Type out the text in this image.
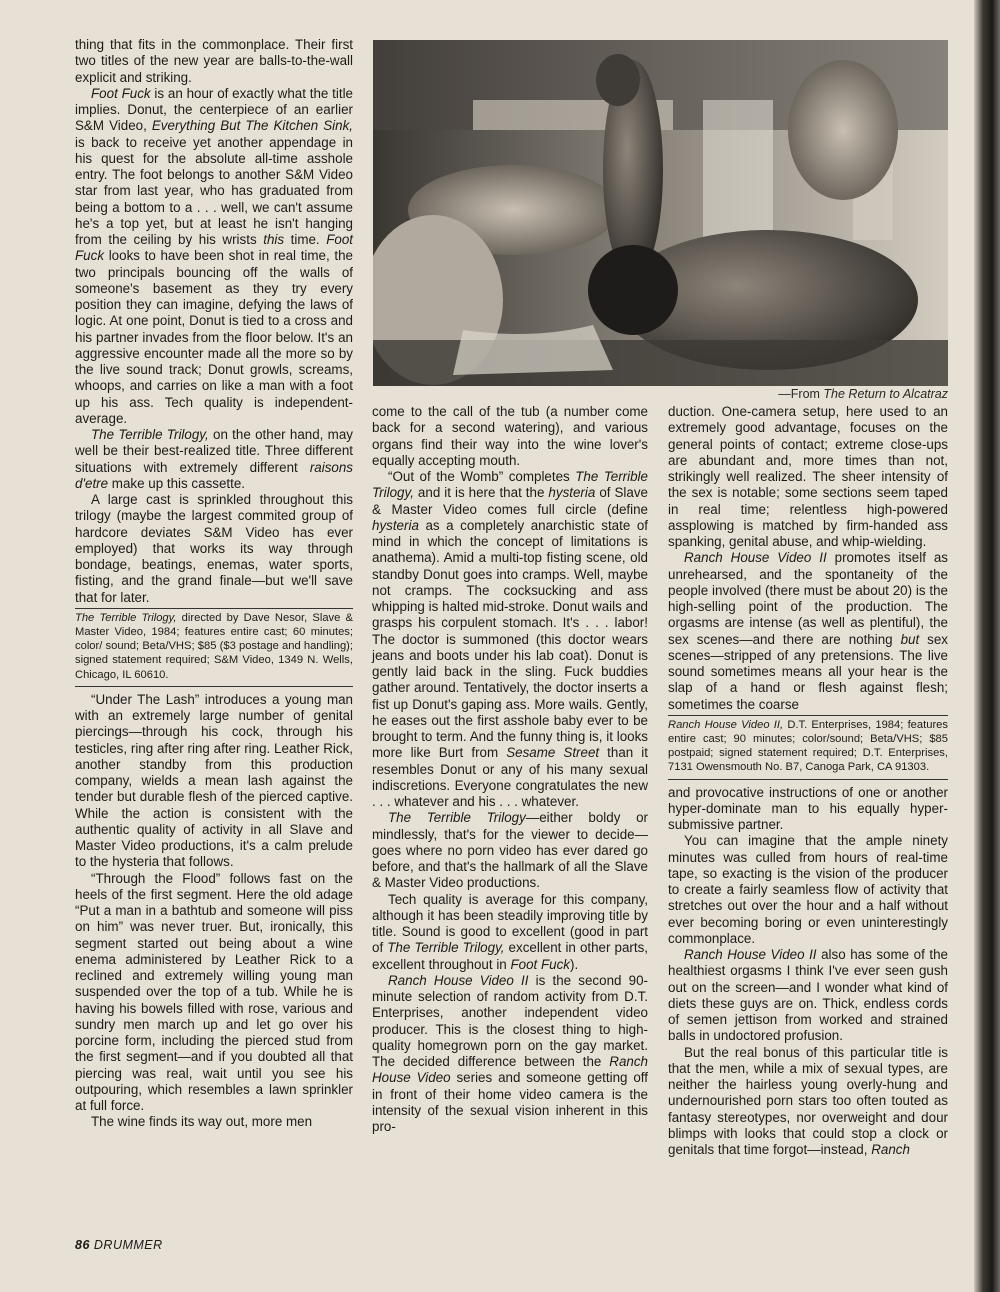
—From The Return to Alcatraz

thing that fits in the commonplace. Their first two titles of the new year are balls-to-the-wall explicit and striking.

Foot Fuck is an hour of exactly what the title implies. Donut, the centerpiece of an earlier S&M Video, Everything But The Kitchen Sink, is back to receive yet another appendage in his quest for the absolute all-time asshole entry. The foot belongs to another S&M Video star from last year, who has graduated from being a bottom to a . . . well, we can't assume he's a top yet, but at least he isn't hanging from the ceiling by his wrists this time. Foot Fuck looks to have been shot in real time, the two principals bouncing off the walls of someone's basement as they try every position they can imagine, defying the laws of logic. At one point, Donut is tied to a cross and his partner invades from the floor below. It's an aggressive encounter made all the more so by the live sound track; Donut growls, screams, whoops, and carries on like a man with a foot up his ass. Tech quality is independent-average.

The Terrible Trilogy, on the other hand, may well be their best-realized title. Three different situations with extremely different raisons d'etre make up this cassette.

A large cast is sprinkled throughout this trilogy (maybe the largest commited group of hardcore deviates S&M Video has ever employed) that works its way through bondage, beatings, enemas, water sports, fisting, and the grand finale—but we'll save that for later.

The Terrible Trilogy, directed by Dave Nesor, Slave & Master Video, 1984; features entire cast; 60 minutes; color/ sound; Beta/VHS; $85 ($3 postage and handling); signed statement required; S&M Video, 1349 N. Wells, Chicago, IL 60610.

“Under The Lash” introduces a young man with an extremely large number of genital piercings—through his cock, through his testicles, ring after ring after ring. Leather Rick, another standby from this production company, wields a mean lash against the tender but durable flesh of the pierced captive. While the action is consistent with the authentic quality of activity in all Slave and Master Video productions, it's a calm prelude to the hysteria that follows.

“Through the Flood” follows fast on the heels of the first segment. Here the old adage “Put a man in a bathtub and someone will piss on him” was never truer. But, ironically, this segment started out being about a wine enema administered by Leather Rick to a reclined and extremely willing young man suspended over the top of a tub. While he is having his bowels filled with rose, various and sundry men march up and let go over his porcine form, including the pierced stud from the first segment—and if you doubted all that piercing was real, wait until you see his outpouring, which resembles a lawn sprinkler at full force.

The wine finds its way out, more men

come to the call of the tub (a number come back for a second watering), and various organs find their way into the wine lover's equally accepting mouth.

“Out of the Womb” completes The Terrible Trilogy, and it is here that the hysteria of Slave & Master Video comes full circle (define hysteria as a completely anarchistic state of mind in which the concept of limitations is anathema). Amid a multi-top fisting scene, old standby Donut goes into cramps. Well, maybe not cramps. The cocksucking and ass whipping is halted mid-stroke. Donut wails and grasps his corpulent stomach. It's . . . labor! The doctor is summoned (this doctor wears jeans and boots under his lab coat). Donut is gently laid back in the sling. Fuck buddies gather around. Tentatively, the doctor inserts a fist up Donut's gaping ass. More wails. Gently, he eases out the first asshole baby ever to be brought to term. And the funny thing is, it looks more like Burt from Sesame Street than it resembles Donut or any of his many sexual indiscretions. Everyone congratulates the new . . . whatever and his . . . whatever.

The Terrible Trilogy—either boldy or mindlessly, that's for the viewer to decide—goes where no porn video has ever dared go before, and that's the hallmark of all the Slave & Master Video productions.

Tech quality is average for this company, although it has been steadily improving title by title. Sound is good to excellent (good in part of The Terrible Trilogy, excellent in other parts, excellent throughout in Foot Fuck).

Ranch House Video II is the second 90-minute selection of random activity from D.T. Enterprises, another independent video producer. This is the closest thing to high-quality homegrown porn on the gay market. The decided difference between the Ranch House Video series and someone getting off in front of their home video camera is the intensity of the sexual vision inherent in this pro-

duction. One-camera setup, here used to an extremely good advantage, focuses on the general points of contact; extreme close-ups are abundant and, more times than not, strikingly well realized. The sheer intensity of the sex is notable; some sections seem taped in real time; relentless high-powered assplowing is matched by firm-handed ass spanking, genital abuse, and whip-wielding.

Ranch House Video II promotes itself as unrehearsed, and the spontaneity of the people involved (there must be about 20) is the high-selling point of the production. The orgasms are intense (as well as plentiful), the sex scenes—and there are nothing but sex scenes—stripped of any pretensions. The live sound sometimes means all your hear is the slap of a hand or flesh against flesh; sometimes the coarse

Ranch House Video II, D.T. Enterprises, 1984; features entire cast; 90 minutes; color/sound; Beta/VHS; $85 postpaid; signed statement required; D.T. Enterprises, 7131 Owensmouth No. B7, Canoga Park, CA 91303.

and provocative instructions of one or another hyper-dominate man to his equally hyper-submissive partner.

You can imagine that the ample ninety minutes was culled from hours of real-time tape, so exacting is the vision of the producer to create a fairly seamless flow of activity that stretches out over the hour and a half without ever becoming boring or even uninterestingly commonplace.

Ranch House Video II also has some of the healthiest orgasms I think I've ever seen gush out on the screen—and I wonder what kind of diets these guys are on. Thick, endless cords of semen jettison from worked and strained balls in undoctored profusion.

But the real bonus of this particular title is that the men, while a mix of sexual types, are neither the hairless young overly-hung and undernourished porn stars too often touted as fantasy stereotypes, nor overweight and dour blimps with looks that could stop a clock or genitals that time forgot—instead, Ranch

86 DRUMMER
